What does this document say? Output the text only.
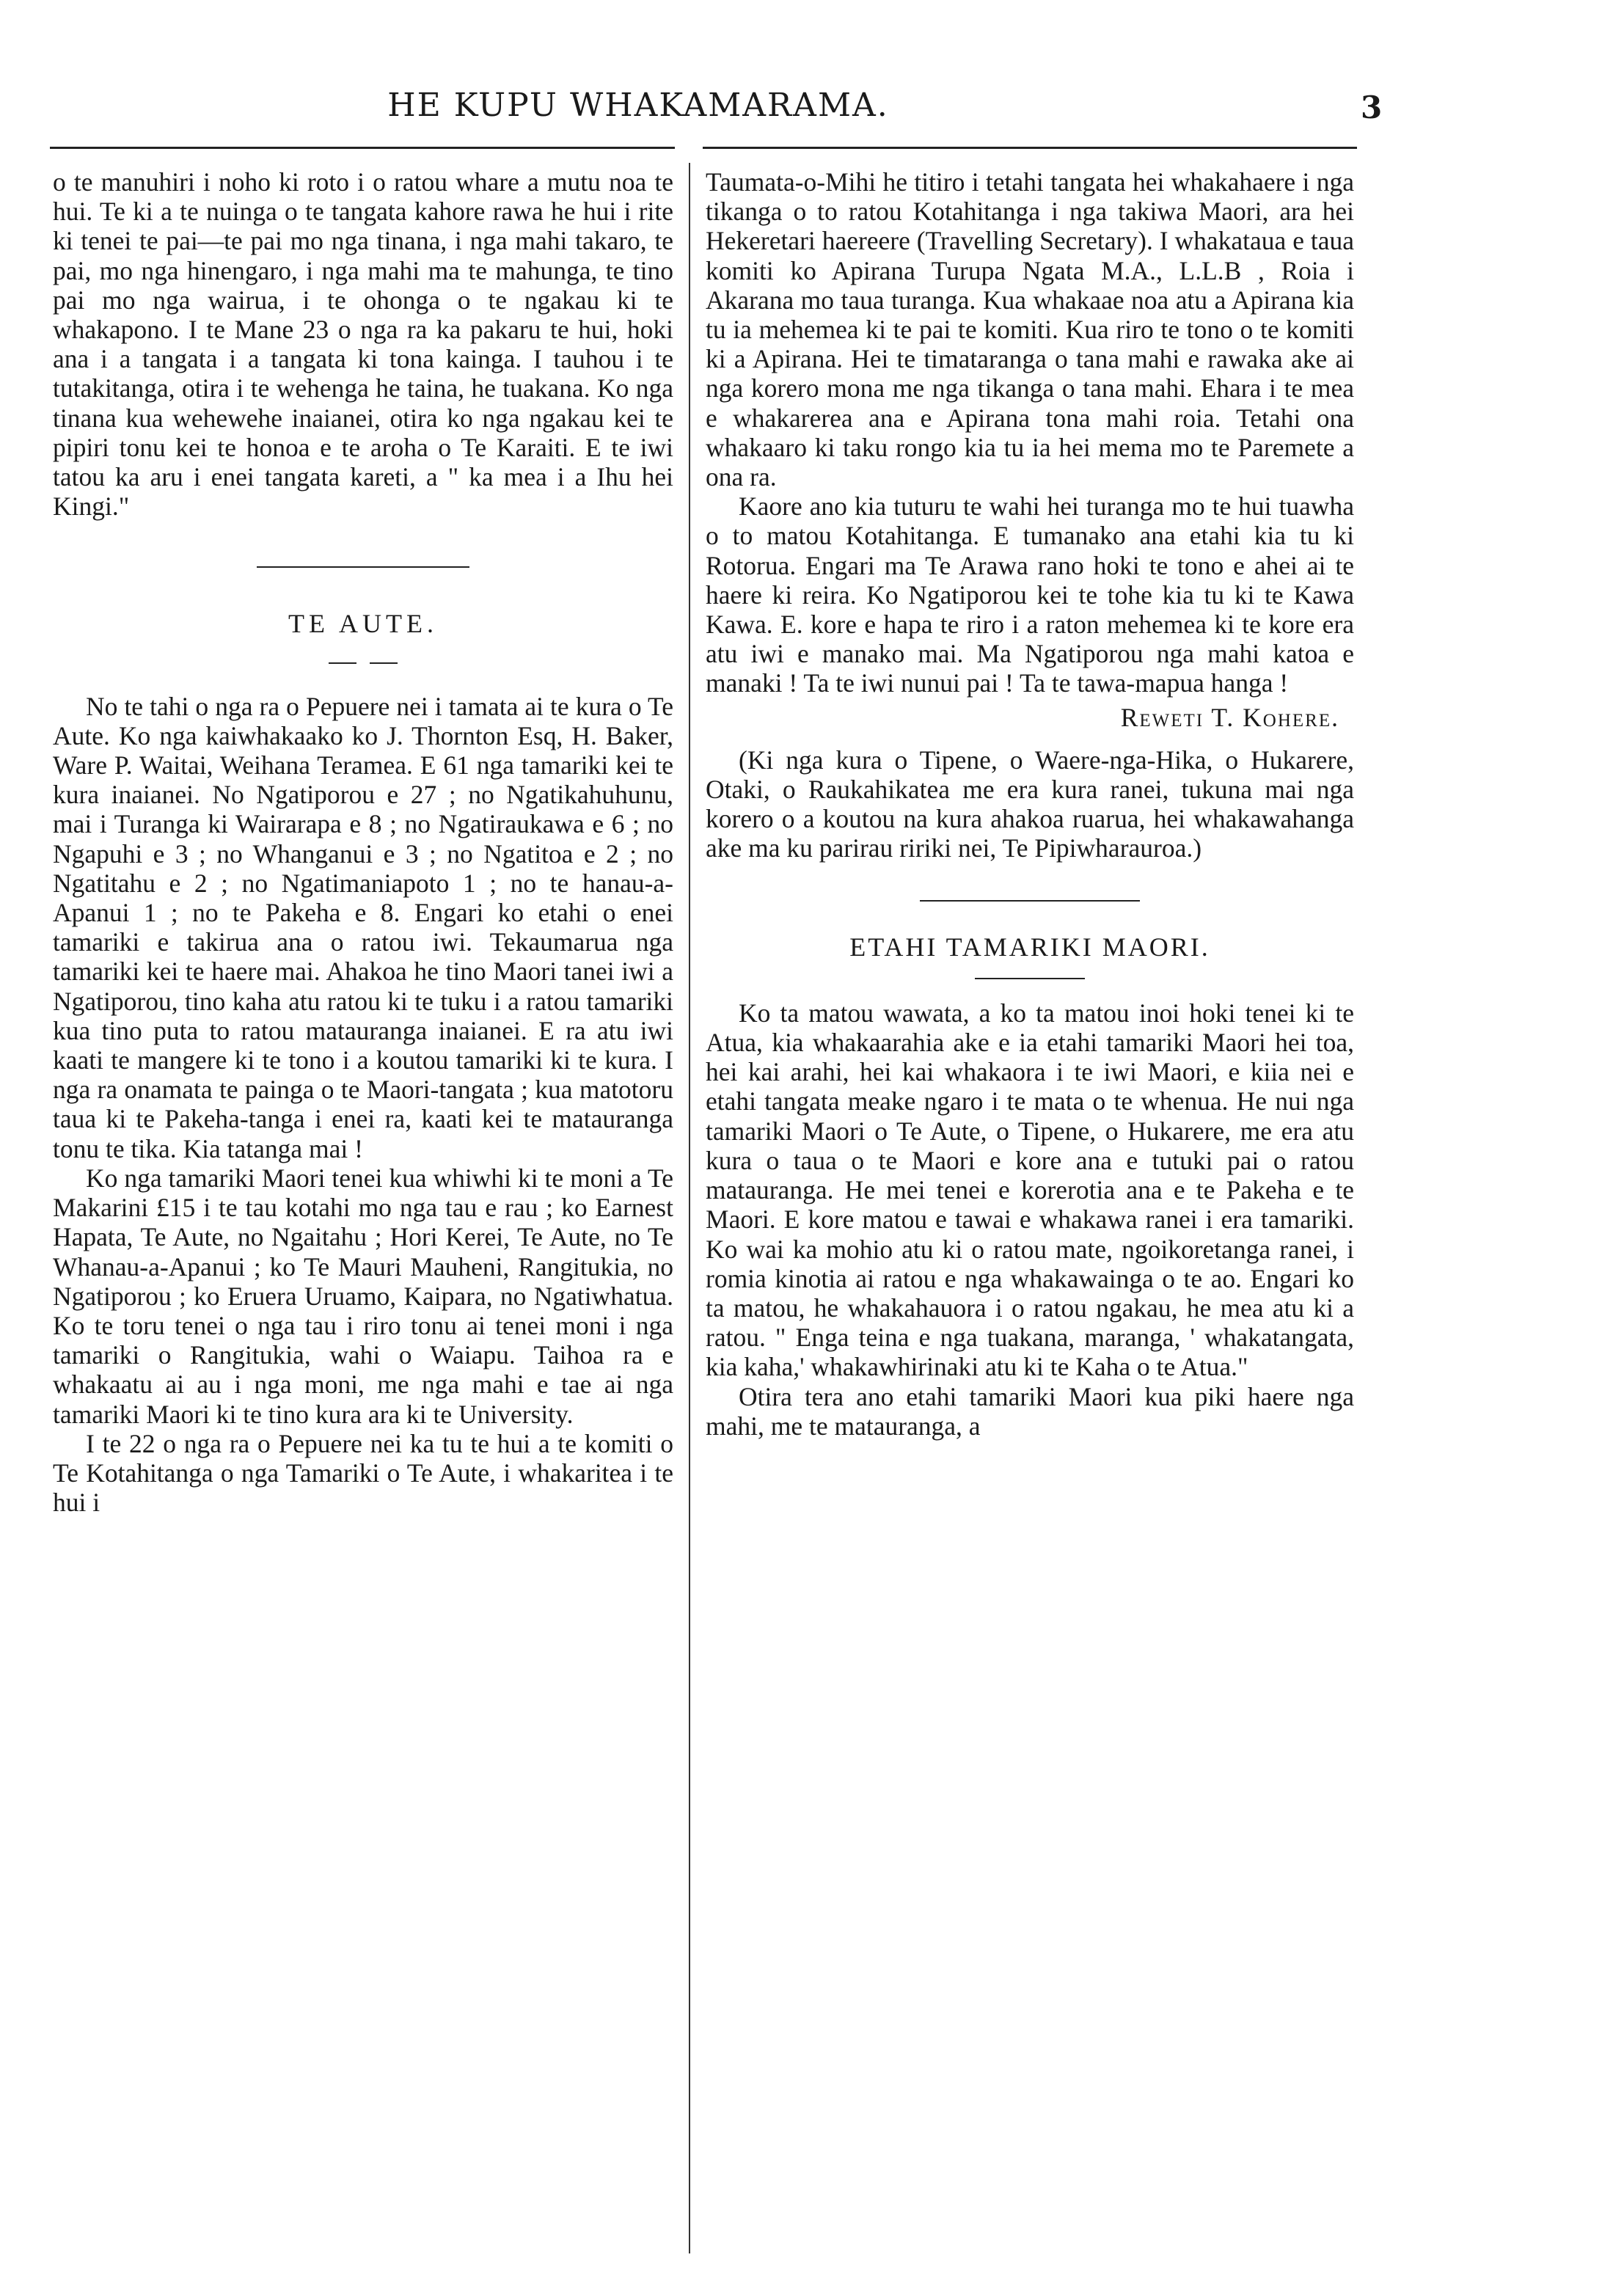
HE KUPU WHAKAMARAMA.	3

o te manuhiri i noho ki roto i o ratou whare a mutu noa te hui. Te ki a te nuinga o te tangata kahore rawa he hui i rite ki tenei te pai—te pai mo nga tinana, i nga mahi takaro, te pai, mo nga hinengaro, i nga mahi ma te mahunga, te tino pai mo nga wairua, i te ohonga o te ngakau ki te whakapono. I te Mane 23 o nga ra ka pakaru te hui, hoki ana i a tangata i a tangata ki tona kainga. I tauhou i te tutakitanga, otira i te wehenga he taina, he tuakana. Ko nga tinana kua wehewehe inaianei, otira ko nga ngakau kei te pipiri tonu kei te honoa e te aroha o Te Karaiti. E te iwi tatou ka aru i enei tangata kareti, a " ka mea i a Ihu hei Kingi."

TE AUTE.

No te tahi o nga ra o Pepuere nei i tamata ai te kura o Te Aute. Ko nga kaiwhakaako ko J. Thornton Esq, H. Baker, Ware P. Waitai, Weihana Teramea. E 61 nga tamariki kei te kura inaianei. No Ngatiporou e 27 ; no Ngatikahuhunu, mai i Turanga ki Wairarapa e 8 ; no Ngatiraukawa e 6 ; no Ngapuhi e 3 ; no Whanganui e 3 ; no Ngatitoa e 2 ; no Ngatitahu e 2 ; no Ngatimaniapoto 1 ; no te hanau-a-Apanui 1 ; no te Pakeha e 8. Engari ko etahi o enei tamariki e takirua ana o ratou iwi. Tekaumarua nga tamariki kei te haere mai. Ahakoa he tino Maori tanei iwi a Ngatiporou, tino kaha atu ratou ki te tuku i a ratou tamariki kua tino puta to ratou matauranga inaianei. E ra atu iwi kaati te mangere ki te tono i a koutou tamariki ki te kura. I nga ra onamata te painga o te Maori-tangata ; kua matotoru taua ki te Pakeha-tanga i enei ra, kaati kei te matauranga tonu te tika. Kia tatanga mai !

Ko nga tamariki Maori tenei kua whiwhi ki te moni a Te Makarini £15 i te tau kotahi mo nga tau e rau ; ko Earnest Hapata, Te Aute, no Ngaitahu ; Hori Kerei, Te Aute, no Te Whanau-a-Apanui ; ko Te Mauri Mauheni, Rangitukia, no Ngatiporou ; ko Eruera Uruamo, Kaipara, no Ngatiwhatua. Ko te toru tenei o nga tau i riro tonu ai tenei moni i nga tamariki o Rangitukia, wahi o Waiapu. Taihoa ra e whakaatu ai au i nga moni, me nga mahi e tae ai nga tamariki Maori ki te tino kura ara ki te University.

I te 22 o nga ra o Pepuere nei ka tu te hui a te komiti o Te Kotahitanga o nga Tamariki o Te Aute, i whakaritea i te hui i

Taumata-o-Mihi he titiro i tetahi tangata hei whakahaere i nga tikanga o to ratou Kotahitanga i nga takiwa Maori, ara hei Hekeretari haereere (Travelling Secretary). I whakataua e taua komiti ko Apirana Turupa Ngata M.A., L.L.B , Roia i Akarana mo taua turanga. Kua whakaae noa atu a Apirana kia tu ia mehemea ki te pai te komiti. Kua riro te tono o te komiti ki a Apirana. Hei te timataranga o tana mahi e rawaka ake ai nga korero mona me nga tikanga o tana mahi. Ehara i te mea e whakarerea ana e Apirana tona mahi roia. Tetahi ona whakaaro ki taku rongo kia tu ia hei mema mo te Paremete a ona ra.

Kaore ano kia tuturu te wahi hei turanga mo te hui tuawha o to matou Kotahitanga. E tumanako ana etahi kia tu ki Rotorua. Engari ma Te Arawa rano hoki te tono e ahei ai te haere ki reira. Ko Ngatiporou kei te tohe kia tu ki te Kawa Kawa. E. kore e hapa te riro i a raton mehemea ki te kore era atu iwi e manako mai. Ma Ngatiporou nga mahi katoa e manaki ! Ta te iwi nunui pai ! Ta te tawa-mapua hanga !

Reweti T. Kohere.

(Ki nga kura o Tipene, o Waere-nga-Hika, o Hukarere, Otaki, o Raukahikatea me era kura ranei, tukuna mai nga korero o a koutou na kura ahakoa ruarua, hei whakawahanga ake ma ku parirau ririki nei, Te Pipiwharauroa.)

ETAHI TAMARIKI MAORI.

Ko ta matou wawata, a ko ta matou inoi hoki tenei ki te Atua, kia whakaarahia ake e ia etahi tamariki Maori hei toa, hei kai arahi, hei kai whakaora i te iwi Maori, e kiia nei e etahi tangata meake ngaro i te mata o te whenua. He nui nga tamariki Maori o Te Aute, o Tipene, o Hukarere, me era atu kura o taua o te Maori e kore ana e tutuki pai o ratou matauranga. He mei tenei e korerotia ana e te Pakeha e te Maori. E kore matou e tawai e whakawa ranei i era tamariki. Ko wai ka mohio atu ki o ratou mate, ngoikoretanga ranei, i romia kinotia ai ratou e nga whakawainga o te ao. Engari ko ta matou, he whakahauora i o ratou ngakau, he mea atu ki a ratou. " Enga teina e nga tuakana, maranga, ' whakatangata, kia kaha,' whakawhirinaki atu ki te Kaha o te Atua."

Otira tera ano etahi tamariki Maori kua piki haere nga mahi, me te matauranga, a
